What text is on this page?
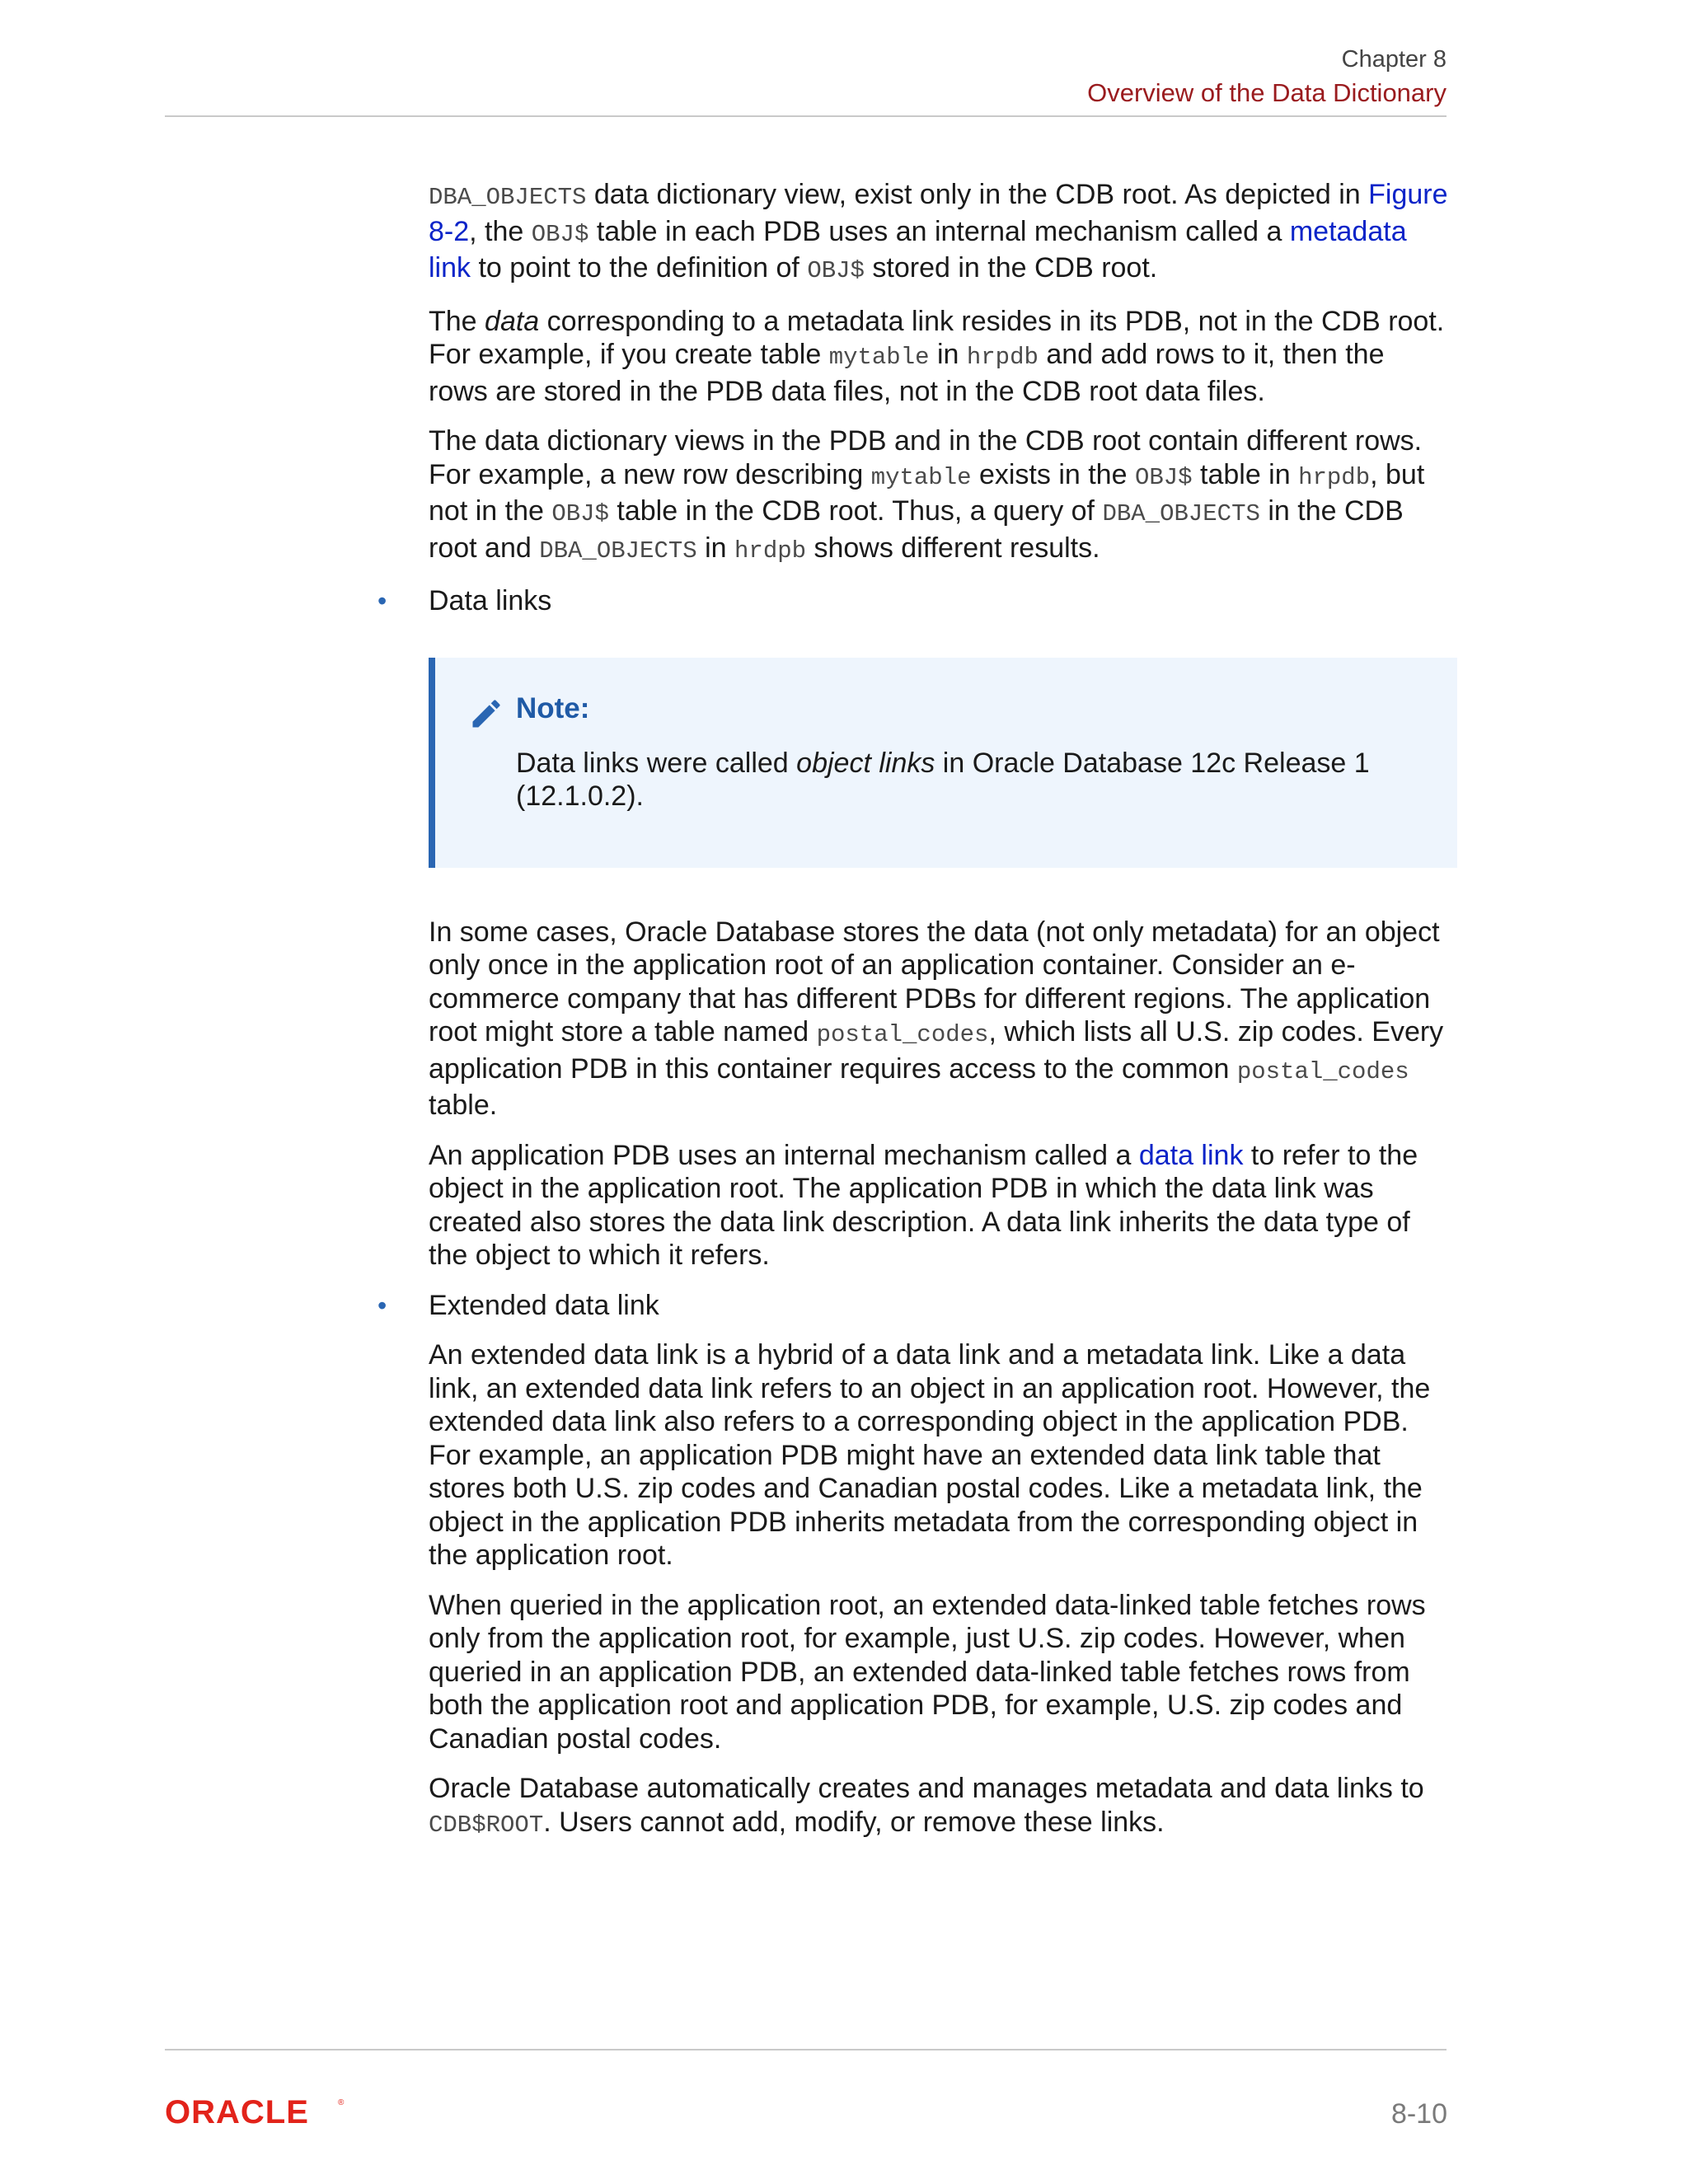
Chapter 8
Overview of the Data Dictionary

DBA_OBJECTS data dictionary view, exist only in the CDB root. As depicted in Figure 8-2, the OBJ$ table in each PDB uses an internal mechanism called a metadata link to point to the definition of OBJ$ stored in the CDB root.

The data corresponding to a metadata link resides in its PDB, not in the CDB root. For example, if you create table mytable in hrpdb and add rows to it, then the rows are stored in the PDB data files, not in the CDB root data files.

The data dictionary views in the PDB and in the CDB root contain different rows. For example, a new row describing mytable exists in the OBJ$ table in hrpdb, but not in the OBJ$ table in the CDB root. Thus, a query of DBA_OBJECTS in the CDB root and DBA_OBJECTS in hrdpb shows different results.

• Data links
Note:

Data links were called object links in Oracle Database 12c Release 1 (12.1.0.2).

In some cases, Oracle Database stores the data (not only metadata) for an object only once in the application root of an application container. Consider an e-commerce company that has different PDBs for different regions. The application root might store a table named postal_codes, which lists all U.S. zip codes. Every application PDB in this container requires access to the common postal_codes table.

An application PDB uses an internal mechanism called a data link to refer to the object in the application root. The application PDB in which the data link was created also stores the data link description. A data link inherits the data type of the object to which it refers.

• Extended data link

An extended data link is a hybrid of a data link and a metadata link. Like a data link, an extended data link refers to an object in an application root. However, the extended data link also refers to a corresponding object in the application PDB. For example, an application PDB might have an extended data link table that stores both U.S. zip codes and Canadian postal codes. Like a metadata link, the object in the application PDB inherits metadata from the corresponding object in the application root.

When queried in the application root, an extended data-linked table fetches rows only from the application root, for example, just U.S. zip codes. However, when queried in an application PDB, an extended data-linked table fetches rows from both the application root and application PDB, for example, U.S. zip codes and Canadian postal codes.

Oracle Database automatically creates and manages metadata and data links to CDB$ROOT. Users cannot add, modify, or remove these links.

ORACLE	®	8-10
